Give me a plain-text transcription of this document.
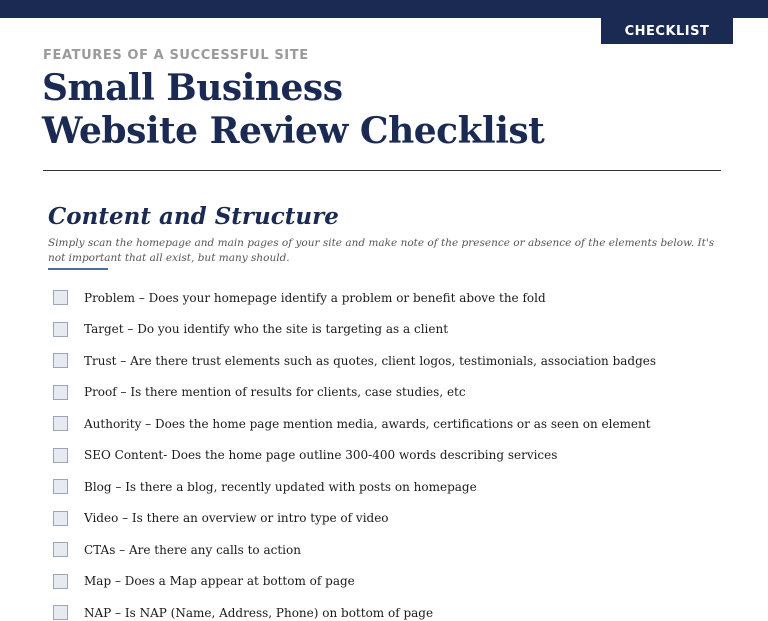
CHECKLIST
FEATURES OF A SUCCESSFUL SITE
Small Business
Website Review Checklist
Content and Structure

Simply scan the homepage and main pages of your site and make note of the presence or absence of the elements below. It's not important that all exist, but many should.

Problem – Does your homepage identify a problem or benefit above the fold
Target – Do you identify who the site is targeting as a client
Trust – Are there trust elements such as quotes, client logos, testimonials, association badges
Proof – Is there mention of results for clients, case studies, etc
Authority – Does the home page mention media, awards, certifications or as seen on element
SEO Content- Does the home page outline 300-400 words describing services
Blog – Is there a blog, recently updated with posts on homepage
Video – Is there an overview or intro type of video
CTAs – Are there any calls to action
Map – Does a Map appear at bottom of page
NAP – Is NAP (Name, Address, Phone) on bottom of page
